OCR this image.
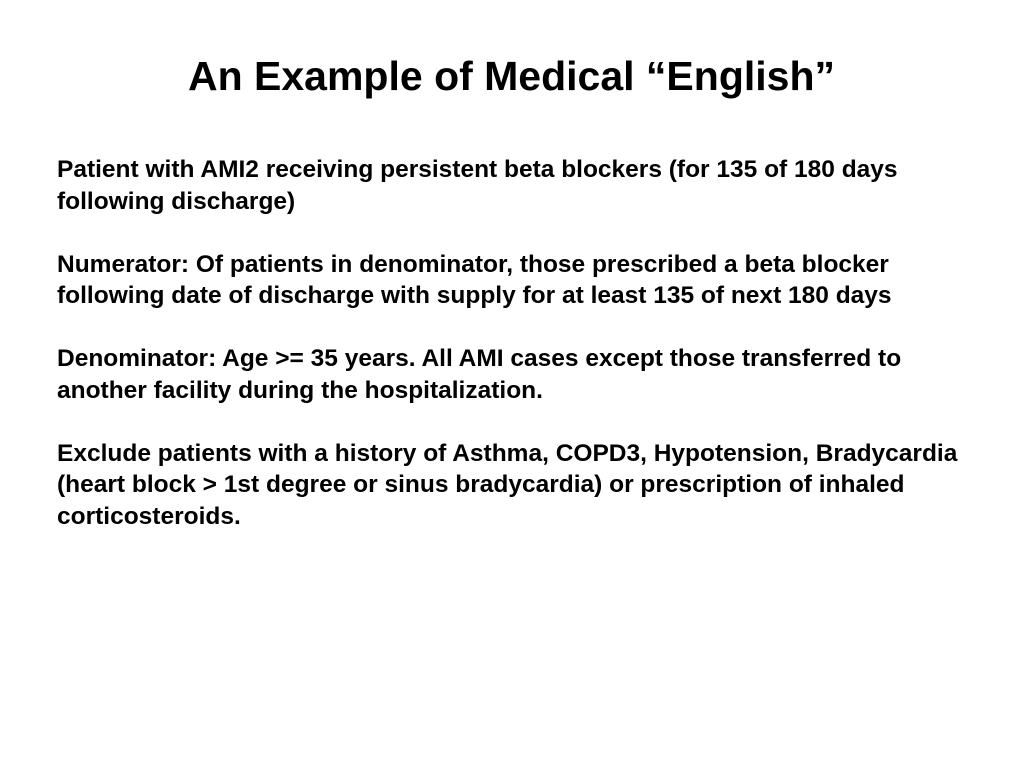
An Example of Medical “English”

Patient with AMI2 receiving persistent beta blockers (for 135 of 180 days following discharge)

Numerator: Of patients in denominator, those prescribed a beta blocker following date of discharge with supply for at least 135 of next 180 days

Denominator: Age >= 35 years. All AMI cases except those transferred to another facility during the hospitalization.

Exclude patients with a history of Asthma, COPD3, Hypotension, Bradycardia (heart block > 1st degree or sinus bradycardia) or prescription of inhaled corticosteroids.
